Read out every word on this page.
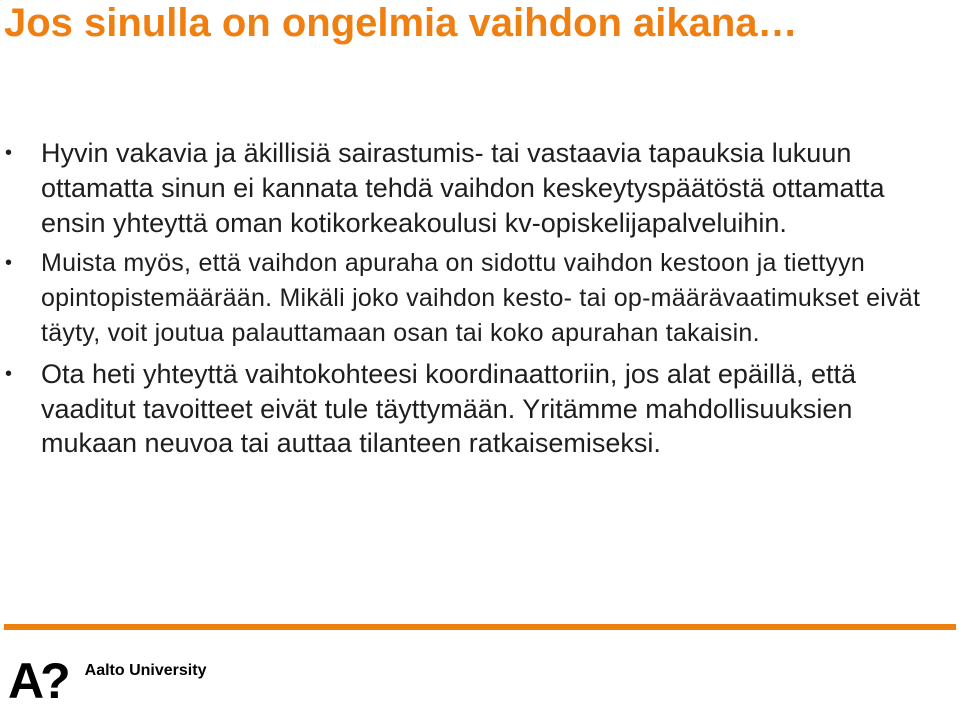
Jos sinulla on ongelmia vaihdon aikana…
• Hyvin vakavia ja äkillisiä sairastumis- tai vastaavia tapauksia lukuun ottamatta sinun ei kannata tehdä vaihdon keskeytyspäätöstä ottamatta ensin yhteyttä oman kotikorkeakoulusi kv-opiskelijapalveluihin.
• Muista myös, että vaihdon apuraha on sidottu vaihdon kestoon ja tiettyyn opintopistemäärään. Mikäli joko vaihdon kesto- tai op-määrävaatimukset eivät täyty, voit joutua palauttamaan osan tai koko apurahan takaisin.
• Ota heti yhteyttä vaihtokohteesi koordinaattoriin, jos alat epäillä, että vaaditut tavoitteet eivät tule täyttymään. Yritämme mahdollisuuksien mukaan neuvoa tai auttaa tilanteen ratkaisemiseksi.
A? Aalto University
